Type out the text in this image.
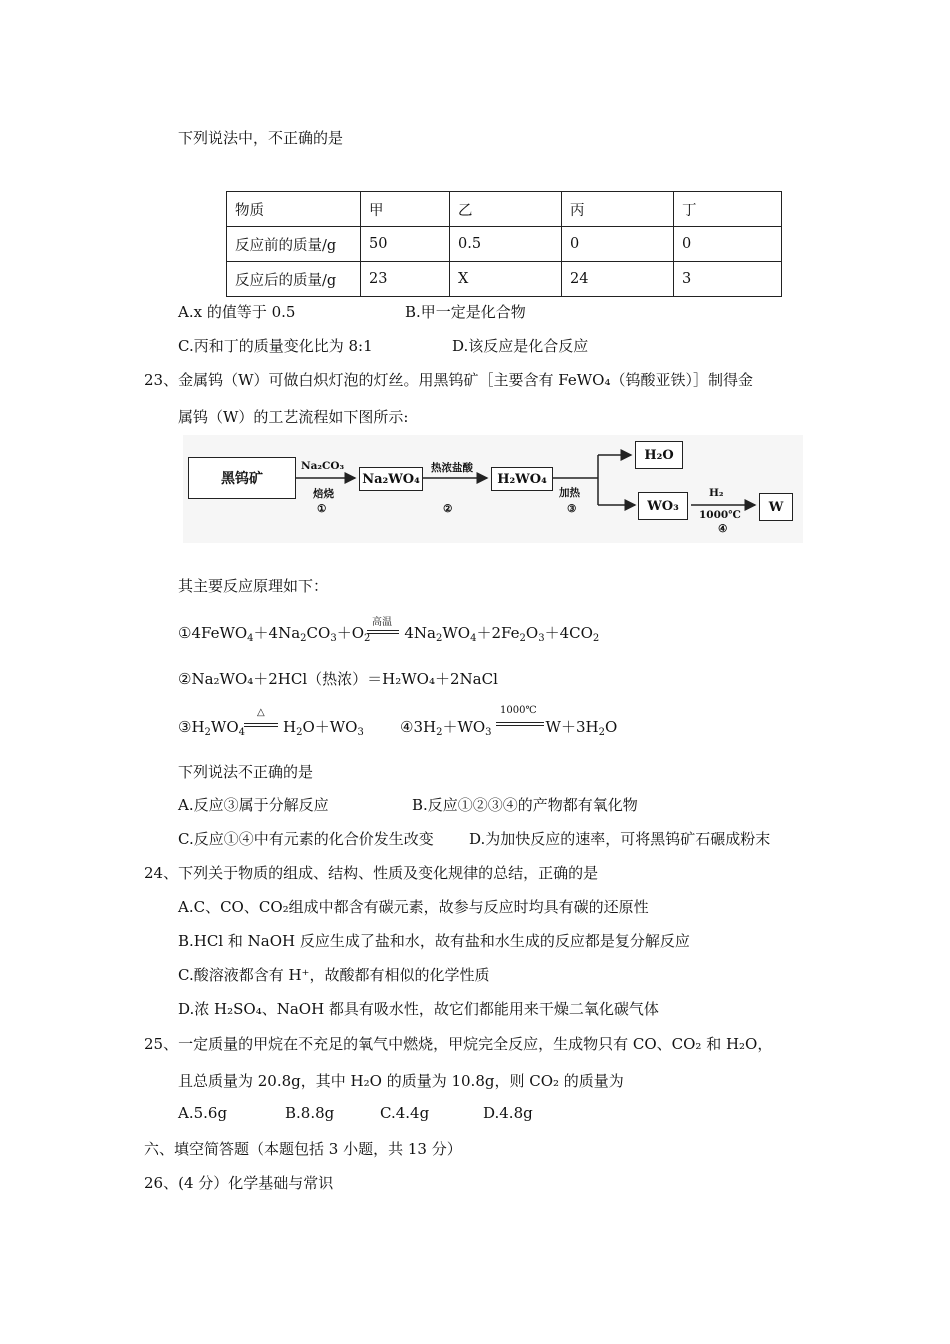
下列说法中，不正确的是
物质	甲	乙	丙	丁
反应前的质量/g	50	0.5	0	0
反应后的质量/g	23	X	24	3
A.x 的值等于 0.5	B.甲一定是化合物
C.丙和丁的质量变化比为 8:1	D.该反应是化合反应
23、金属钨（W）可做白炽灯泡的灯丝。用黑钨矿［主要含有 FeWO₄（钨酸亚铁）］制得金
属钨（W）的工艺流程如下图所示:
黑钨矿	Na₂WO₄	H₂WO₄
H₂O
WO₃	W
Na₂CO₃
焙烧
①
热浓盐酸
②
加热
③
H₂
1000℃
④
其主要反应原理如下：
$①4FeWO_4+4Na_2CO_3+O_2$ $4Na_2WO_4+2Fe_2O_3+4CO_2$
高温
②Na₂WO₄＋2HCl（热浓）＝H₂WO₄＋2NaCl
$③H_2WO_4$	$H_2O+WO_3$
△
$④3H_2+WO_3$	$W+3H_2O$
1000℃
下列说法不正确的是
A.反应③属于分解反应	B.反应①②③④的产物都有氧化物
C.反应①④中有元素的化合价发生改变 D.为加快反应的速率，可将黑钨矿石碾成粉末
24、下列关于物质的组成、结构、性质及变化规律的总结，正确的是
A.C、CO、CO₂组成中都含有碳元素，故参与反应时均具有碳的还原性
B.HCl 和 NaOH 反应生成了盐和水，故有盐和水生成的反应都是复分解反应
C.酸溶液都含有 H⁺，故酸都有相似的化学性质
D.浓 H₂SO₄、NaOH 都具有吸水性，故它们都能用来干燥二氧化碳气体
25、一定质量的甲烷在不充足的氧气中燃烧，甲烷完全反应，生成物只有 CO、CO₂ 和 H₂O，
且总质量为 20.8g，其中 H₂O 的质量为 10.8g，则 CO₂ 的质量为
A.5.6g	B.8.8g	C.4.4g	D.4.8g
六、填空简答题（本题包括 3 小题，共 13 分）
26、(4 分）化学基础与常识
